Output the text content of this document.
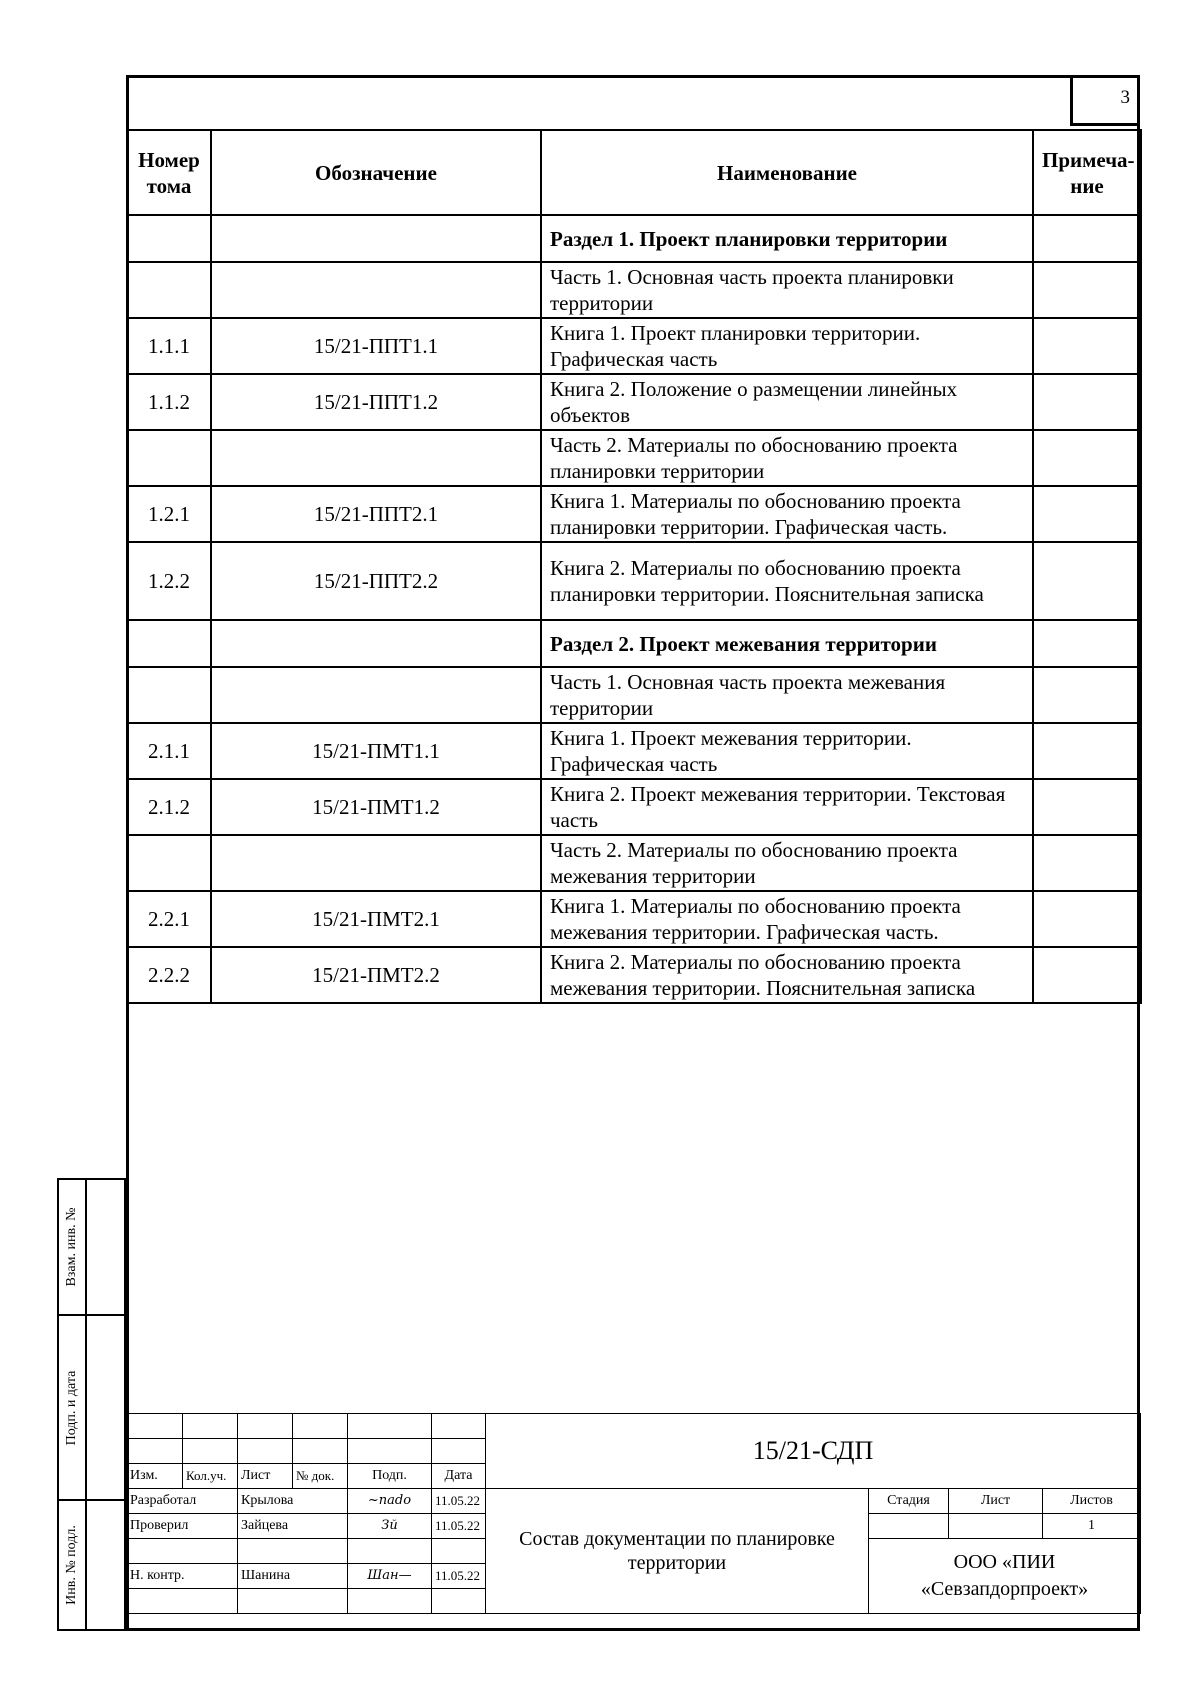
3
Номер тома	Обозначение	Наименование	Примеча-ние
		Раздел 1. Проект планировки территории	
		Часть 1. Основная часть проекта планировки территории	
1.1.1	15/21-ППТ1.1	Книга 1. Проект планировки территории. Графическая часть	
1.1.2	15/21-ППТ1.2	Книга 2. Положение о размещении линейных объектов	
		Часть 2. Материалы по обоснованию проекта планировки территории	
1.2.1	15/21-ППТ2.1	Книга 1. Материалы по обоснованию проекта планировки территории. Графическая часть.	
1.2.2	15/21-ППТ2.2	Книга 2. Материалы по обоснованию проекта планировки территории. Пояснительная записка	
		Раздел 2. Проект межевания территории	
		Часть 1. Основная часть проекта межевания территории	
2.1.1	15/21-ПМТ1.1	Книга 1. Проект межевания территории. Графическая часть	
2.1.2	15/21-ПМТ1.2	Книга 2. Проект межевания территории. Текстовая часть	
		Часть 2. Материалы по обоснованию проекта межевания территории	
2.2.1	15/21-ПМТ2.1	Книга 1. Материалы по обоснованию проекта межевания территории. Графическая часть.	
2.2.2	15/21-ПМТ2.2	Книга 2. Материалы по обоснованию проекта межевания территории. Пояснительная записка	
Взам. инв. №
Подп. и дата
Инв. № подл.
						15/21-СДП			

Изм.	Кол.уч.	Лист	№ док.	Подп.	Дата				
Разработал		Крылова		~nado	11.05.22	Состав документации по планировке территории	Стадия	Лист	Листов
Проверил		Зайцева		Зй	11.05.22				1
							ООО «ПИИ
«Севзапдорпроект»		
Н. контр.		Шанина		Шан—	11.05.22				
